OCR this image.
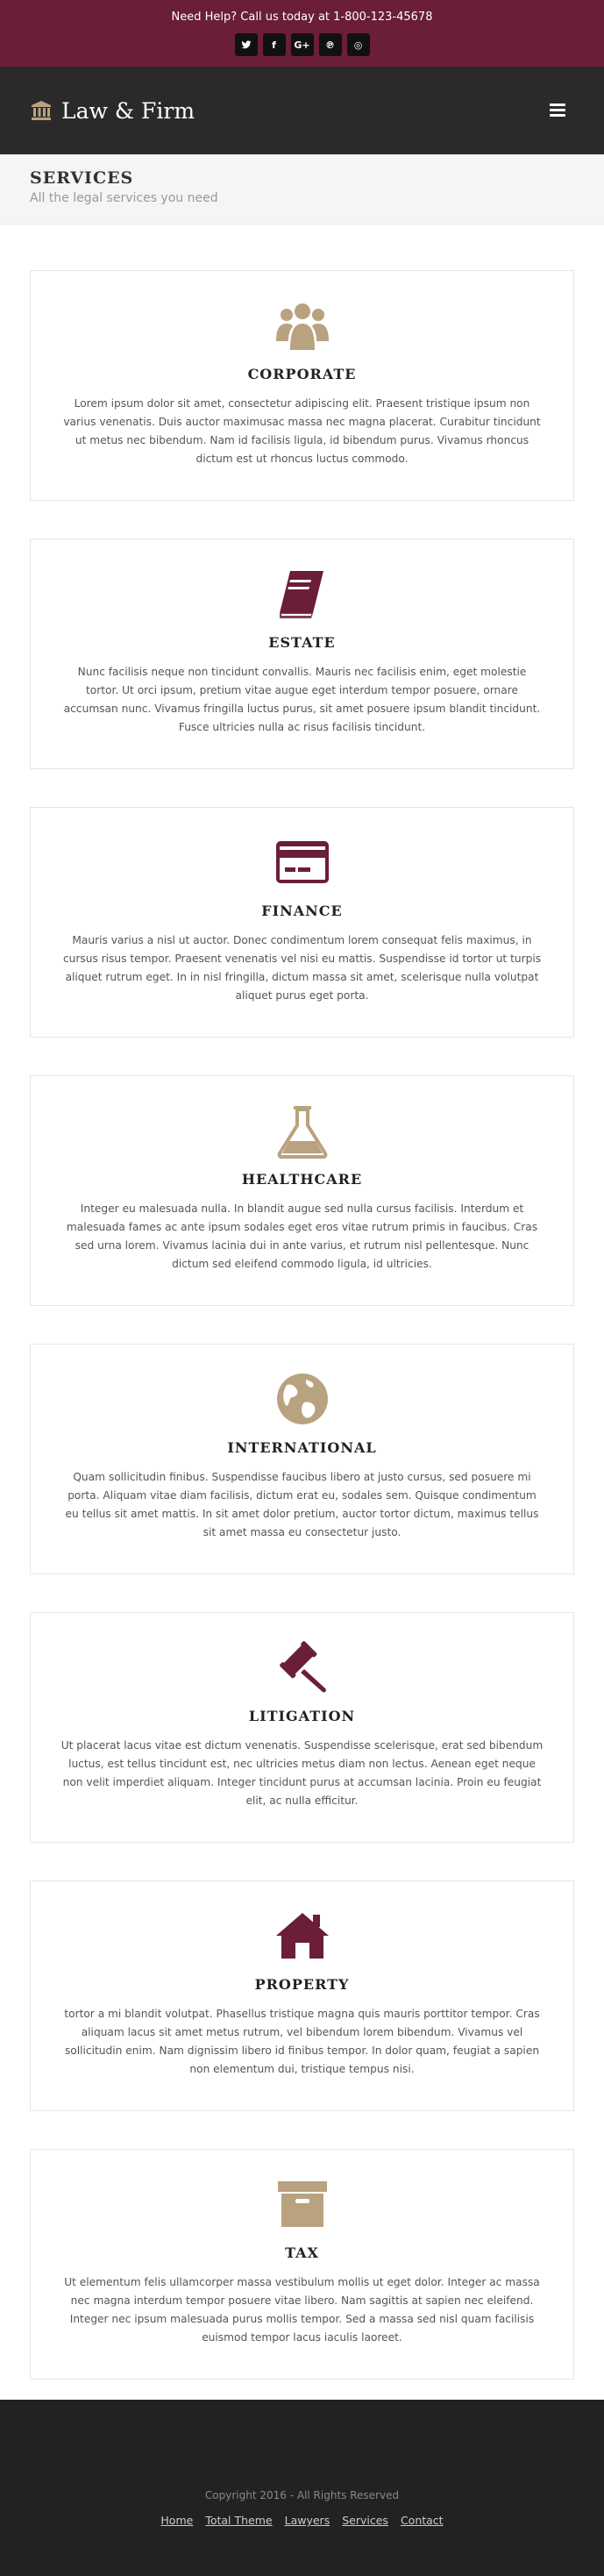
Need Help? Call us today at 1-800-123-45678
f	G+	℗	◎
Law & Firm
SERVICES
All the legal services you need
CORPORATE

Lorem ipsum dolor sit amet, consectetur adipiscing elit. Praesent tristique ipsum non varius venenatis. Duis auctor maximusac massa nec magna placerat. Curabitur tincidunt ut metus nec bibendum. Nam id facilisis ligula, id bibendum purus. Vivamus rhoncus dictum est ut rhoncus luctus commodo.

ESTATE

Nunc facilisis neque non tincidunt convallis. Mauris nec facilisis enim, eget molestie tortor. Ut orci ipsum, pretium vitae augue eget interdum tempor posuere, ornare accumsan nunc. Vivamus fringilla luctus purus, sit amet posuere ipsum blandit tincidunt. Fusce ultricies nulla ac risus facilisis tincidunt.

FINANCE

Mauris varius a nisl ut auctor. Donec condimentum lorem consequat felis maximus, in cursus risus tempor. Praesent venenatis vel nisi eu mattis. Suspendisse id tortor ut turpis aliquet rutrum eget. In in nisl fringilla, dictum massa sit amet, scelerisque nulla volutpat aliquet purus eget porta.

HEALTHCARE

Integer eu malesuada nulla. In blandit augue sed nulla cursus facilisis. Interdum et malesuada fames ac ante ipsum sodales eget eros vitae rutrum primis in faucibus. Cras sed urna lorem. Vivamus lacinia dui in ante varius, et rutrum nisl pellentesque. Nunc dictum sed eleifend commodo ligula, id ultricies.

INTERNATIONAL

Quam sollicitudin finibus. Suspendisse faucibus libero at justo cursus, sed posuere mi porta. Aliquam vitae diam facilisis, dictum erat eu, sodales sem. Quisque condimentum eu tellus sit amet mattis. In sit amet dolor pretium, auctor tortor dictum, maximus tellus sit amet massa eu consectetur justo.

LITIGATION

Ut placerat lacus vitae est dictum venenatis. Suspendisse scelerisque, erat sed bibendum luctus, est tellus tincidunt est, nec ultricies metus diam non lectus. Aenean eget neque non velit imperdiet aliquam. Integer tincidunt purus at accumsan lacinia. Proin eu feugiat elit, ac nulla efficitur.

PROPERTY

tortor a mi blandit volutpat. Phasellus tristique magna quis mauris porttitor tempor. Cras aliquam lacus sit amet metus rutrum, vel bibendum lorem bibendum. Vivamus vel sollicitudin enim. Nam dignissim libero id finibus tempor. In dolor quam, feugiat a sapien non elementum dui, tristique tempus nisi.

TAX

Ut elementum felis ullamcorper massa vestibulum mollis ut eget dolor. Integer ac massa nec magna interdum tempor posuere vitae libero. Nam sagittis at sapien nec eleifend. Integer nec ipsum malesuada purus mollis tempor. Sed a massa sed nisl quam facilisis euismod tempor lacus iaculis laoreet.

Copyright 2016 - All Rights Reserved
Home Total Theme Lawyers Services Contact
